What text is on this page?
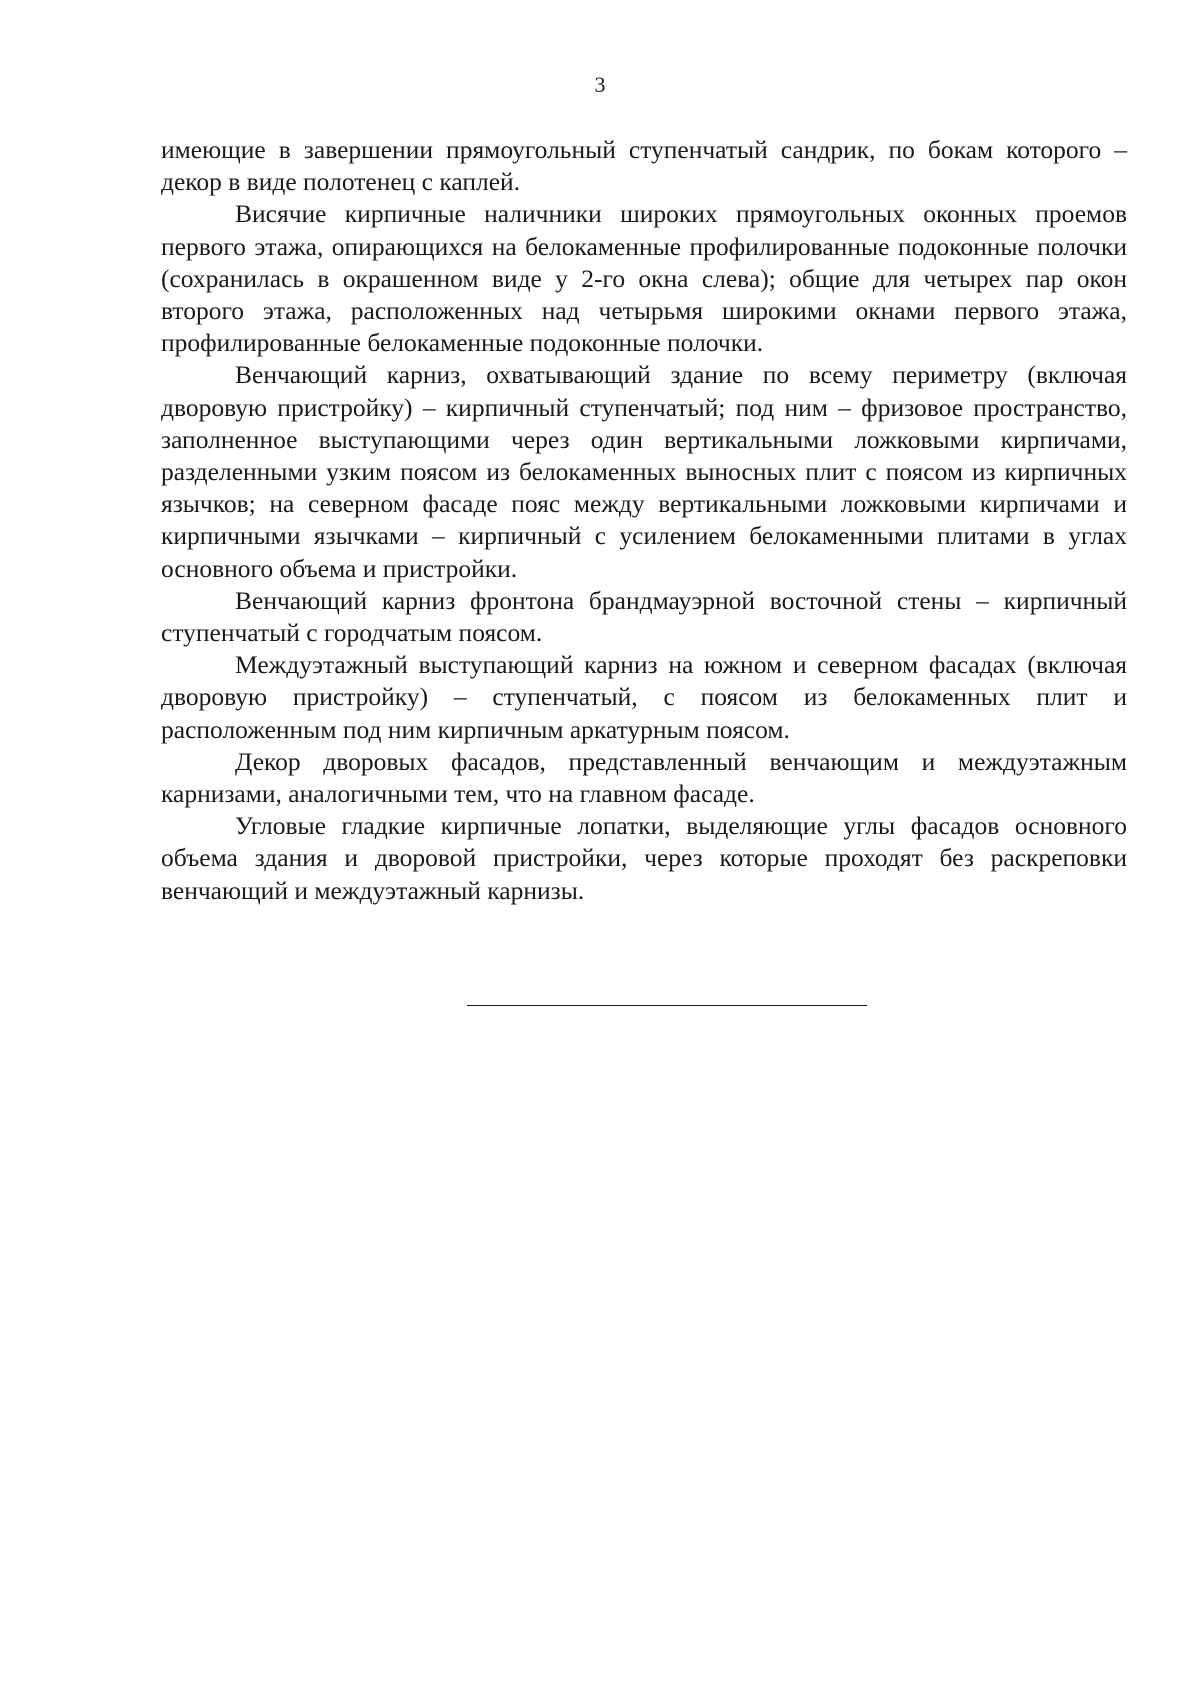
3

имеющие в завершении прямоугольный ступенчатый сандрик, по бокам которого – декор в виде полотенец с каплей.

Висячие кирпичные наличники широких прямоугольных оконных проемов первого этажа, опирающихся на белокаменные профилированные подоконные полочки (сохранилась в окрашенном виде у 2-го окна слева); общие для четырех пар окон второго этажа, расположенных над четырьмя широкими окнами первого этажа, профилированные белокаменные подоконные полочки.

Венчающий карниз, охватывающий здание по всему периметру (включая дворовую пристройку) – кирпичный ступенчатый; под ним – фризовое пространство, заполненное выступающими через один вертикальными ложковыми кирпичами, разделенными узким поясом из белокаменных выносных плит с поясом из кирпичных язычков; на северном фасаде пояс между вертикальными ложковыми кирпичами и кирпичными язычками – кирпичный с усилением белокаменными плитами в углах основного объема и пристройки.

Венчающий карниз фронтона брандмауэрной восточной стены – кирпичный ступенчатый с городчатым поясом.

Междуэтажный выступающий карниз на южном и северном фасадах (включая дворовую пристройку) – ступенчатый, с поясом из белокаменных плит и расположенным под ним кирпичным аркатурным поясом.

Декор дворовых фасадов, представленный венчающим и междуэтажным карнизами, аналогичными тем, что на главном фасаде.

Угловые гладкие кирпичные лопатки, выделяющие углы фасадов основного объема здания и дворовой пристройки, через которые проходят без раскреповки венчающий и междуэтажный карнизы.
